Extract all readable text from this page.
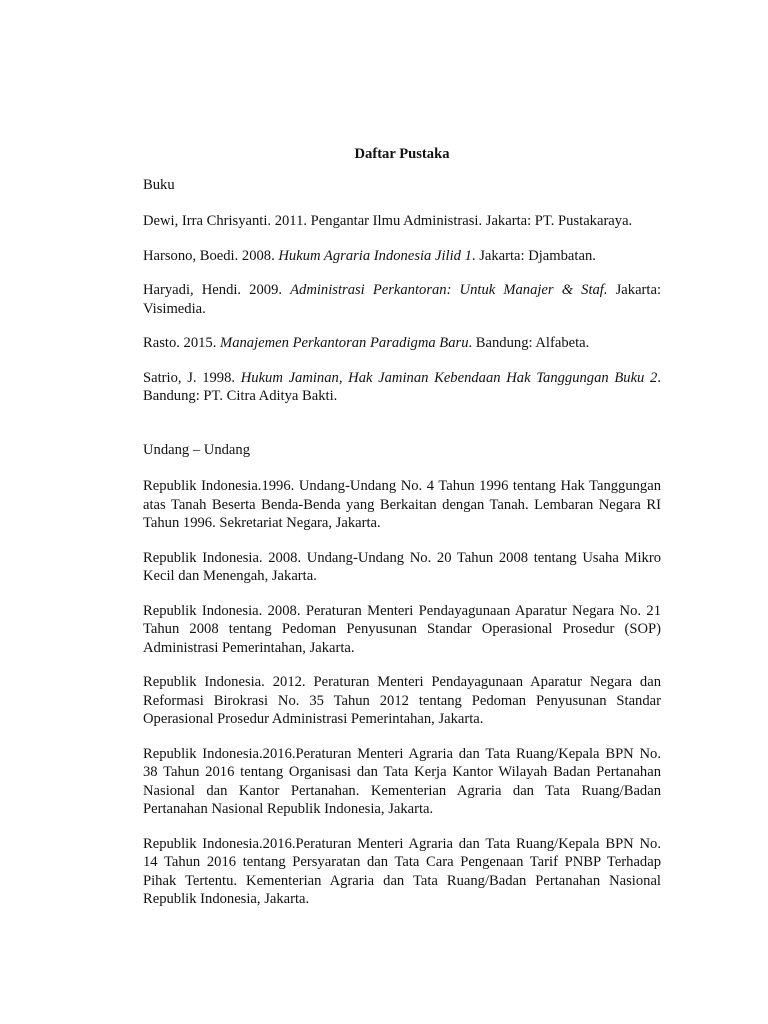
Daftar Pustaka

Buku

Dewi, Irra Chrisyanti. 2011. Pengantar Ilmu Administrasi. Jakarta: PT. Pustakaraya.

Harsono, Boedi. 2008. Hukum Agraria Indonesia Jilid 1. Jakarta: Djambatan.

Haryadi, Hendi. 2009. Administrasi Perkantoran: Untuk Manajer & Staf. Jakarta: Visimedia.

Rasto. 2015. Manajemen Perkantoran Paradigma Baru. Bandung: Alfabeta.

Satrio, J. 1998. Hukum Jaminan, Hak Jaminan Kebendaan Hak Tanggungan Buku 2. Bandung: PT. Citra Aditya Bakti.

Undang – Undang

Republik Indonesia.1996. Undang-Undang No. 4 Tahun 1996 tentang Hak Tanggungan atas Tanah Beserta Benda-Benda yang Berkaitan dengan Tanah. Lembaran Negara RI Tahun 1996. Sekretariat Negara, Jakarta.

Republik Indonesia. 2008. Undang-Undang No. 20 Tahun 2008 tentang Usaha Mikro Kecil dan Menengah, Jakarta.

Republik Indonesia. 2008. Peraturan Menteri Pendayagunaan Aparatur Negara No. 21 Tahun 2008 tentang Pedoman Penyusunan Standar Operasional Prosedur (SOP) Administrasi Pemerintahan, Jakarta.

Republik Indonesia. 2012. Peraturan Menteri Pendayagunaan Aparatur Negara dan Reformasi Birokrasi No. 35 Tahun 2012 tentang Pedoman Penyusunan Standar Operasional Prosedur Administrasi Pemerintahan, Jakarta.

Republik Indonesia.2016.Peraturan Menteri Agraria dan Tata Ruang/Kepala BPN No. 38 Tahun 2016 tentang Organisasi dan Tata Kerja Kantor Wilayah Badan Pertanahan Nasional dan Kantor Pertanahan. Kementerian Agraria dan Tata Ruang/Badan Pertanahan Nasional Republik Indonesia, Jakarta.

Republik Indonesia.2016.Peraturan Menteri Agraria dan Tata Ruang/Kepala BPN No. 14 Tahun 2016 tentang Persyaratan dan Tata Cara Pengenaan Tarif PNBP Terhadap Pihak Tertentu. Kementerian Agraria dan Tata Ruang/Badan Pertanahan Nasional Republik Indonesia, Jakarta.
